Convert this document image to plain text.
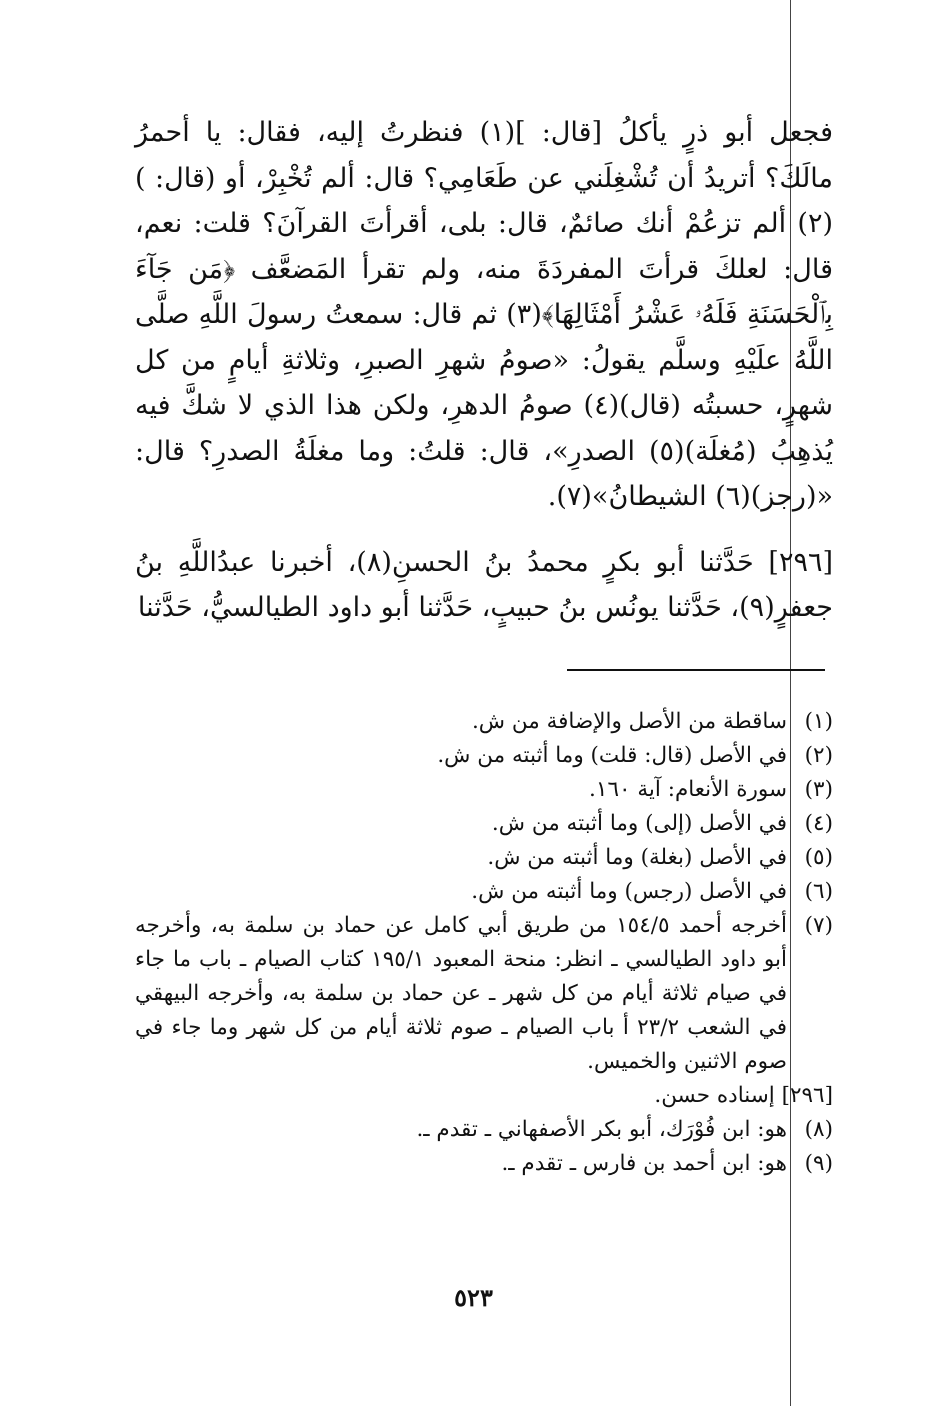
فجعل أبو ذرٍ يأكلُ [قال: ](١) فنظرتُ إليه، فقال: يا أحمرُ مالَكَ؟ أتريدُ أن تُشْغِلَني عن طَعَامِي؟ قال: ألم تُخْبِرْ، أو (قال: )(٢) ألم تزعُمْ أنك صائمٌ، قال: بلى، أقرأتَ القرآنَ؟ قلت: نعم، قال: لعلكَ قرأتَ المفردَةَ منه، ولم تقرأ المَضعَّف ﴿مَن جَآءَ بِٱلْحَسَنَةِ فَلَهُۥ عَشْرُ أَمْثَالِهَا﴾(٣) ثم قال: سمعتُ رسولَ اللَّهِ صلَّى اللَّهُ علَيْهِ وسلَّم يقولُ: «صومُ شهرِ الصبرِ، وثلاثةِ أيامٍ من كل شهرٍ، حسبتُه (قال)(٤) صومُ الدهرِ، ولكن هذا الذي لا شكَّ فيه يُذهِبُ (مُغلَة)(٥) الصدرِ»، قال: قلتُ: وما مغلَةُ الصدرِ؟ قال: «(رجز)(٦) الشيطانُ»(٧).

[٢٩٦] حَدَّثنا أبو بكرٍ محمدُ بنُ الحسنِ(٨)، أخبرنا عبدُاللَّهِ بنُ جعفرٍ(٩)، حَدَّثنا يونُس بنُ حبيبٍ، حَدَّثنا أبو داود الطيالسيُّ، حَدَّثنا

(١)
ساقطة من الأصل والإضافة من ش.
(٢)
في الأصل (قال: قلت) وما أثبته من ش.
(٣)
سورة الأنعام: آية ١٦٠.
(٤)
في الأصل (إلى) وما أثبته من ش.
(٥)
في الأصل (بغلة) وما أثبته من ش.
(٦)
في الأصل (رجس) وما أثبته من ش.
(٧)
أخرجه أحمد ١٥٤/٥ من طريق أبي كامل عن حماد بن سلمة به، وأخرجه أبو داود الطيالسي ـ انظر: منحة المعبود ١٩٥/١ كتاب الصيام ـ باب ما جاء في صيام ثلاثة أيام من كل شهر ـ عن حماد بن سلمة به، وأخرجه البيهقي في الشعب ٢٣/٢ أ باب الصيام ـ صوم ثلاثة أيام من كل شهر وما جاء في صوم الاثنين والخميس.
[٢٩٦] إسناده حسن.
(٨)
هو: ابن فُوْرَك، أبو بكر الأصفهاني ـ تقدم ـ.
(٩)
هو: ابن أحمد بن فارس ـ تقدم ـ.
٥٢٣
